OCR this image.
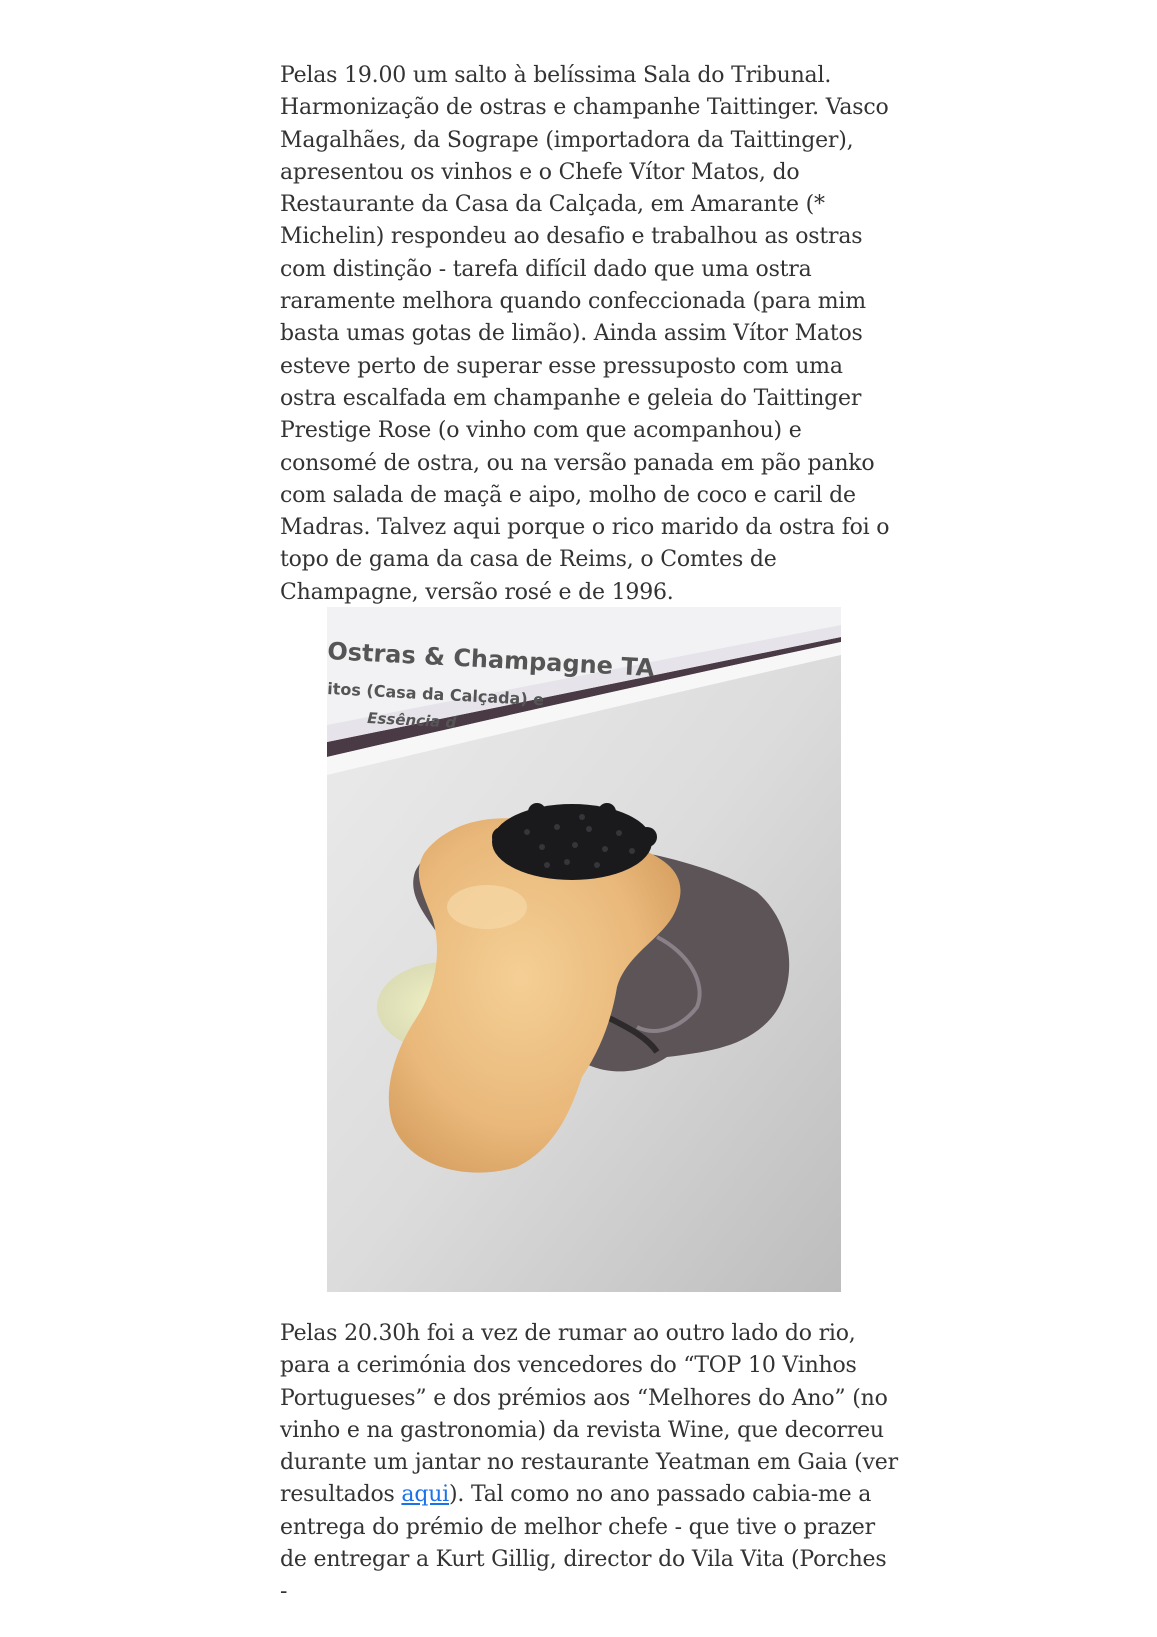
Pelas 19.00 um salto à belíssima Sala do Tribunal. Harmonização de ostras e champanhe Taittinger. Vasco Magalhães, da Sogrape (importadora da Taittinger), apresentou os vinhos e o Chefe Vítor Matos, do Restaurante da Casa da Calçada, em Amarante (* Michelin) respondeu ao desafio e trabalhou as ostras com distinção - tarefa difícil dado que uma ostra raramente melhora quando confeccionada (para mim basta umas gotas de limão). Ainda assim Vítor Matos esteve perto de superar esse pressuposto com uma ostra escalfada em champanhe e geleia do Taittinger Prestige Rose (o vinho com que acompanhou) e consomé de ostra, ou na versão panada em pão panko com salada de maçã e aipo, molho de coco e caril de Madras. Talvez aqui porque o rico marido da ostra foi o topo de gama da casa de Reims, o Comtes de Champagne, versão rosé e de 1996.

Ostras & Champagne TA
itos (Casa da Calçada) e
Essência d

Pelas 20.30h foi a vez de rumar ao outro lado do rio, para a cerimónia dos vencedores do “TOP 10 Vinhos Portugueses” e dos prémios aos “Melhores do Ano” (no vinho e na gastronomia) da revista Wine, que decorreu durante um jantar no restaurante Yeatman em Gaia (ver resultados aqui). Tal como no ano passado cabia-me a entrega do prémio de melhor chefe - que tive o prazer de entregar a Kurt Gillig, director do Vila Vita (Porches -
